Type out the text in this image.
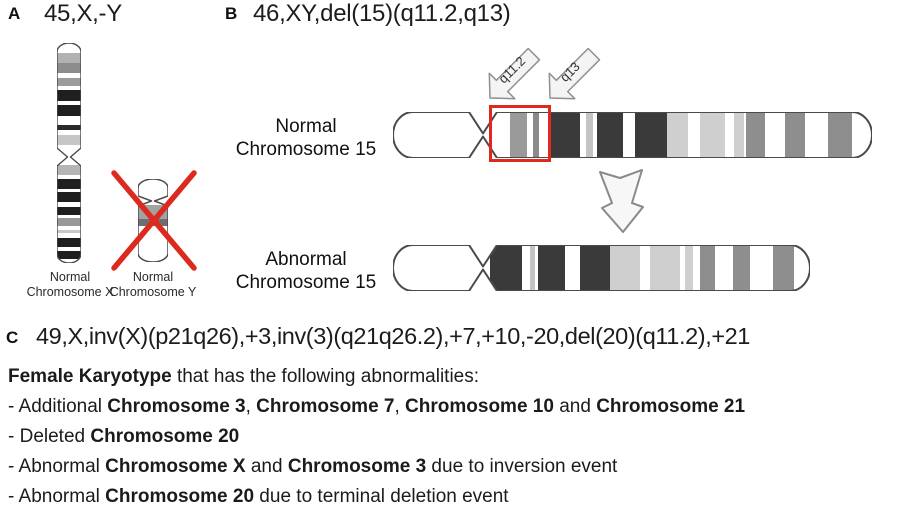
A 45,X,-Y
Normal
Chromosome X
Normal
Chromosome Y
B 46,XY,del(15)(q11.2,q13)
q11.2 q13
Normal
Chromosome 15
Abnormal
Chromosome 15
C 49,X,inv(X)(p21q26),+3,inv(3)(q21q26.2),+7,+10,-20,del(20)(q11.2),+21

Female Karyotype that has the following abnormalities:

- Additional Chromosome 3, Chromosome 7, Chromosome 10 and Chromosome 21

- Deleted Chromosome 20

- Abnormal Chromosome X and Chromosome 3 due to inversion event

- Abnormal Chromosome 20 due to terminal deletion event
